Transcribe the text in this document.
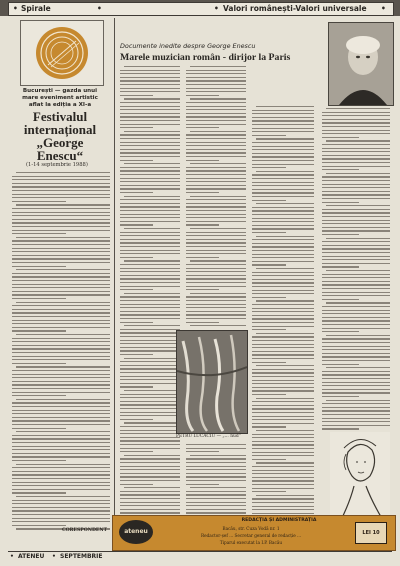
• Spirale	•	• Valori românești-Valori universale •
București — gazda unui mare eveniment artistic aflat la ediția a XI-a
Festivalul
internațional
„George
Enescu“
(1-14 septembrie 1988)
CORESPONDENT
Documente inedite despre George Enescu
Marele muzician român - dirijor la Paris
PETRU LUCACIU — „... nud“
ateneu
REDACȚIA ȘI ADMINISTRAȚIA
Bacău, str. Cuza Vodă nr. 1
Redactor-șef ... Secretar general de redacție ...
Tiparul executat la I.P. Bacău
LEI 10
• ATENEU • SEPTEMBRIE
